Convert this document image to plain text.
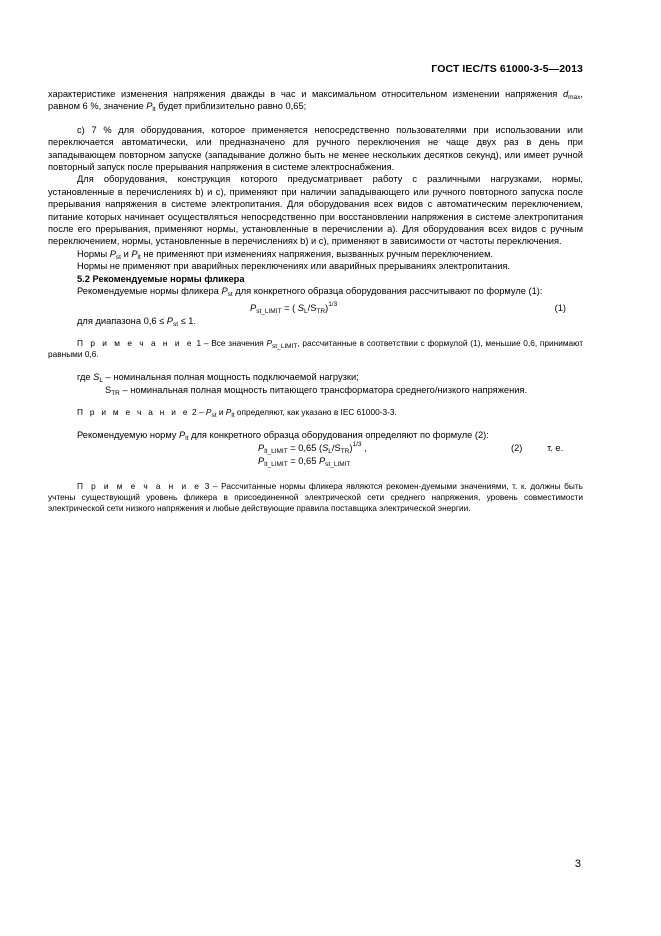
ГОСТ IEC/TS 61000-3-5—2013

характеристике изменения напряжения дважды в час и максимальном относительном изменении напряжения $d_{max}$, равном 6 %, значение $P_{lt}$ будет приблизительно равно 0,65;

с) 7 % для оборудования, которое применяется непосредственно пользователями при использовании или переключается автоматически, или предназначено для ручного переключения не чаще двух раз в день при западывающем повторном запуске (западывание должно быть не менее нескольких десятков секунд), или имеет ручной повторный запуск после прерывания напряжения в системе электроснабжения.

Для оборудования, конструкция которого предусматривает работу с различными нагрузками, нормы, установленные в перечислениях b) и c), применяют при наличии западывающего или ручного повторного запуска после прерывания напряжения в системе электропитания. Для оборудования всех видов с автоматическим переключением, питание которых начинает осуществляться непосредственно при восстановлении напряжения в системе электропитания после его прерывания, применяют нормы, установленные в перечислении а). Для оборудования всех видов с ручным переключением, нормы, установленные в перечислениях b) и c), применяют в зависимости от частоты переключения.

Нормы $P_{st}$ и $P_{lt}$ не применяют при изменениях напряжения, вызванных ручным переключением.

Нормы не применяют при аварийных переключениях или аварийных прерываниях электропитания.

5.2 Рекомендуемые нормы фликера

Рекомендуемые нормы фликера $P_{st}$ для конкретного образца оборудования рассчитывают по формуле (1):

$P_{st\_LIMIT}$ = ( $S_L/S_{TR})^{1/3}$	(1)

для диапазона $0,6 \le P_{st} \le 1$.

П р и м е ч а н и е 1 – Все значения $P_{st\_LIMIT}$, рассчитанные в соответствии с формулой (1), меньшие 0,6, принимают равными 0,6.

где $S_L$ – номинальная полная мощность подключаемой нагрузки;

$S_{TR}$ – номинальная полная мощность питающего трансформатора среднего/низкого напряжения.

П р и м е ч а н и е $2 - P_{st}$ и $P_{lt}$ определяют, как указано в IEC 61000-3-3.

Рекомендуемую норму $P_{lt}$ для конкретного образца оборудования определяют по формуле (2):

$P_{lt\_LIMIT} = 0,65$ $(S_L/S_{TR})^{1/3}$ ,	(2)	т. е.
$P_{lt\_LIMIT} = 0,65$ $P_{st\_LIMIT}$

П р и м е ч а н и е 3 – Рассчитанные нормы фликера являются рекомен-дуемыми значениями, т. к. должны быть учтены существующий уровень фликера в присоединенной электрической сети среднего напряжения, уровень совместимости электрической сети низкого напряжения и любые действующие правила поставщика электрической энергии.

3
